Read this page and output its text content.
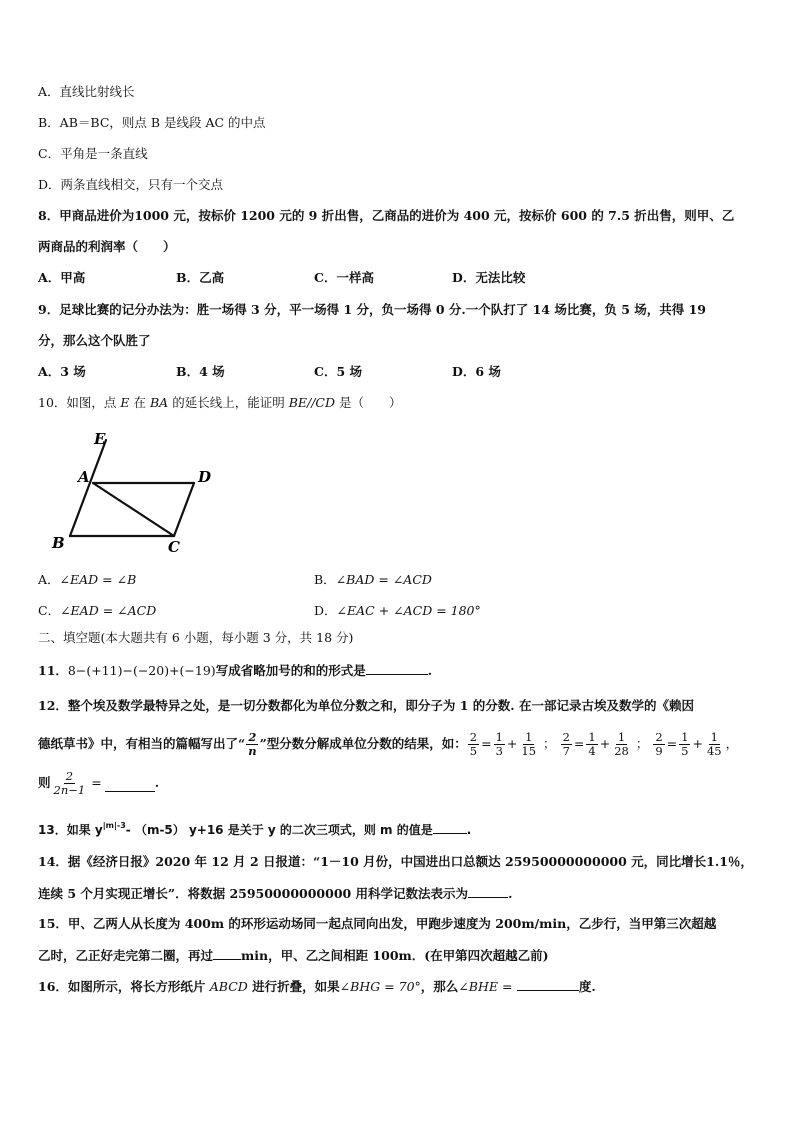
A．直线比射线长
B．AB＝BC，则点 B 是线段 AC 的中点
C．平角是一条直线
D．两条直线相交，只有一个交点
8．甲商品进价为1000 元，按标价 1200 元的 9 折出售，乙商品的进价为 400 元，按标价 600 的 7.5 折出售，则甲、乙
两商品的利润率（　　）
A．甲高	B．乙高	C．一样高	D．无法比较
9．足球比赛的记分办法为：胜一场得 3 分，平一场得 1 分，负一场得 0 分.一个队打了 14 场比赛，负 5 场，共得 19
分，那么这个队胜了
A．3 场	B．4 场	C．5 场	D．6 场
10．如图，点 E 在 BA 的延长线上，能证明 BE//CD 是（　　）
E
A	D
B	C
A．∠EAD = ∠B	B．∠BAD = ∠ACD
C．∠EAD = ∠ACD	D．∠EAC + ∠ACD = 180°
二、填空题(本大题共有 6 小题，每小题 3 分，共 18 分)
11．8−(+11)−(−20)+(−19)写成省略加号的和的形式是	.
12．整个埃及数学最特异之处，是一切分数都化为单位分数之和，即分子为 1 的分数. 在一部记录古埃及数学的《赖因
德纸草书》中，有相当的篇幅写出了“ $\frac{2}{n}$ ”型分数分解成单位分数的结果，如： $\frac{2}{5} = \frac{1}{3} + \frac{1}{15}$ ； $\frac{2}{7} = \frac{1}{4} + \frac{1}{28}$ ； $\frac{2}{9} = \frac{1}{5} + \frac{1}{45}$ ，
则 $\frac{2}{2n-1}$ =	.
13．如果 $y^{|m|-3}-$ （m-5） y+16 是关于 y 的二次三项式，则 m 的值是	.
14．据《经济日报》2020 年 12 月 2 日报道：“1－10 月份，中国进出口总额达 25950000000000 元，同比增长1.1％，
连续 5 个月实现正增长”．将数据 25950000000000 用科学记数法表示为	.
15．甲、乙两人从长度为 400m 的环形运动场同一起点同向出发，甲跑步速度为 200m/min，乙步行，当甲第三次超越
乙时，乙正好走完第二圈，再过 min，甲、乙之间相距 100m．(在甲第四次超越乙前)
16．如图所示，将长方形纸片 ABCD 进行折叠，如果∠BHG = 70°，那么∠BHE =	度.
